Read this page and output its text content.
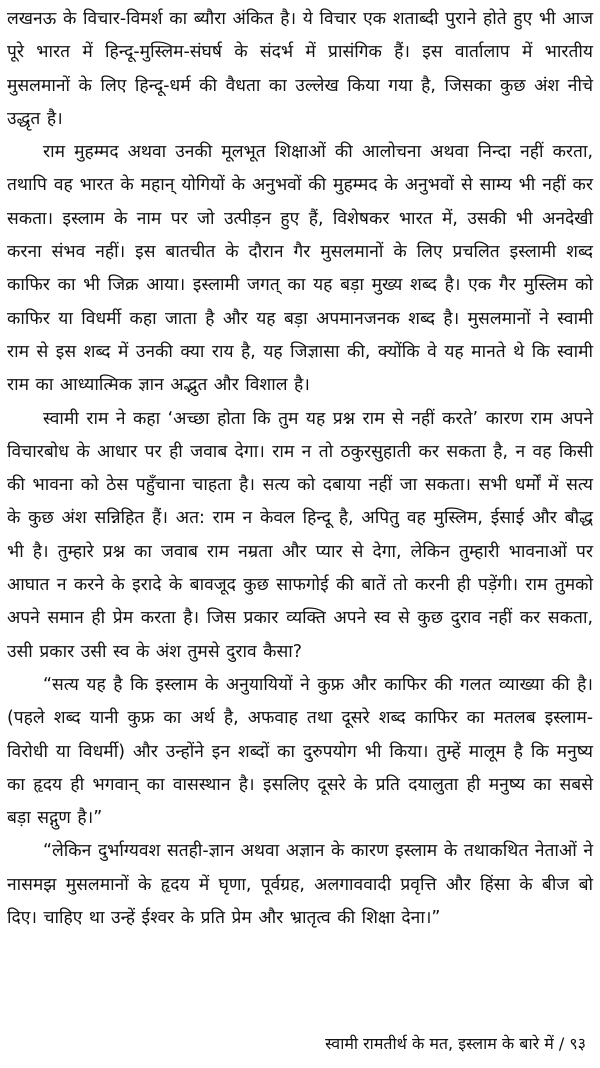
लखनऊ के विचार-विमर्श का ब्यौरा अंकित है। ये विचार एक शताब्दी पुराने होते हुए भी आज पूरे भारत में हिन्दू-मुस्लिम-संघर्ष के संदर्भ में प्रासंगिक हैं। इस वार्तालाप में भारतीय मुसलमानों के लिए हिन्दू-धर्म की वैधता का उल्लेख किया गया है, जिसका कुछ अंश नीचे उद्धृत है।

राम मुहम्मद अथवा उनकी मूलभूत शिक्षाओं की आलोचना अथवा निन्दा नहीं करता, तथापि वह भारत के महान् योगियों के अनुभवों की मुहम्मद के अनुभवों से साम्य भी नहीं कर सकता। इस्लाम के नाम पर जो उत्पीड़न हुए हैं, विशेषकर भारत में, उसकी भी अनदेखी करना संभव नहीं। इस बातचीत के दौरान गैर मुसलमानों के लिए प्रचलित इस्लामी शब्द काफिर का भी जिक्र आया। इस्लामी जगत् का यह बड़ा मुख्य शब्द है। एक गैर मुस्लिम को काफिर या विधर्मी कहा जाता है और यह बड़ा अपमानजनक शब्द है। मुसलमानों ने स्वामी राम से इस शब्द में उनकी क्या राय है, यह जिज्ञासा की, क्योंकि वे यह मानते थे कि स्वामी राम का आध्यात्मिक ज्ञान अद्भुत और विशाल है।

स्वामी राम ने कहा ‘अच्छा होता कि तुम यह प्रश्न राम से नहीं करते’ कारण राम अपने विचारबोध के आधार पर ही जवाब देगा। राम न तो ठकुरसुहाती कर सकता है, न वह किसी की भावना को ठेस पहुँचाना चाहता है। सत्य को दबाया नहीं जा सकता। सभी धर्मों में सत्य के कुछ अंश सन्निहित हैं। अत: राम न केवल हिन्दू है, अपितु वह मुस्लिम, ईसाई और बौद्ध भी है। तुम्हारे प्रश्न का जवाब राम नम्रता और प्यार से देगा, लेकिन तुम्हारी भावनाओं पर आघात न करने के इरादे के बावजूद कुछ साफगोई की बातें तो करनी ही पड़ेंगी। राम तुमको अपने समान ही प्रेम करता है। जिस प्रकार व्यक्ति अपने स्व से कुछ दुराव नहीं कर सकता, उसी प्रकार उसी स्व के अंश तुमसे दुराव कैसा?

“सत्य यह है कि इस्लाम के अनुयायियों ने कुफ्र और काफिर की गलत व्याख्या की है। (पहले शब्द यानी कुफ्र का अर्थ है, अफवाह तथा दूसरे शब्द काफिर का मतलब इस्लाम-विरोधी या विधर्मी) और उन्होंने इन शब्दों का दुरुपयोग भी किया। तुम्हें मालूम है कि मनुष्य का हृदय ही भगवान् का वासस्थान है। इसलिए दूसरे के प्रति दयालुता ही मनुष्य का सबसे बड़ा सद्गुण है।”

“लेकिन दुर्भाग्यवश सतही-ज्ञान अथवा अज्ञान के कारण इस्लाम के तथाकथित नेताओं ने नासमझ मुसलमानों के हृदय में घृणा, पूर्वग्रह, अलगाववादी प्रवृत्ति और हिंसा के बीज बो दिए। चाहिए था उन्हें ईश्वर के प्रति प्रेम और भ्रातृत्व की शिक्षा देना।”

स्वामी रामतीर्थ के मत, इस्लाम के बारे में / ९३
